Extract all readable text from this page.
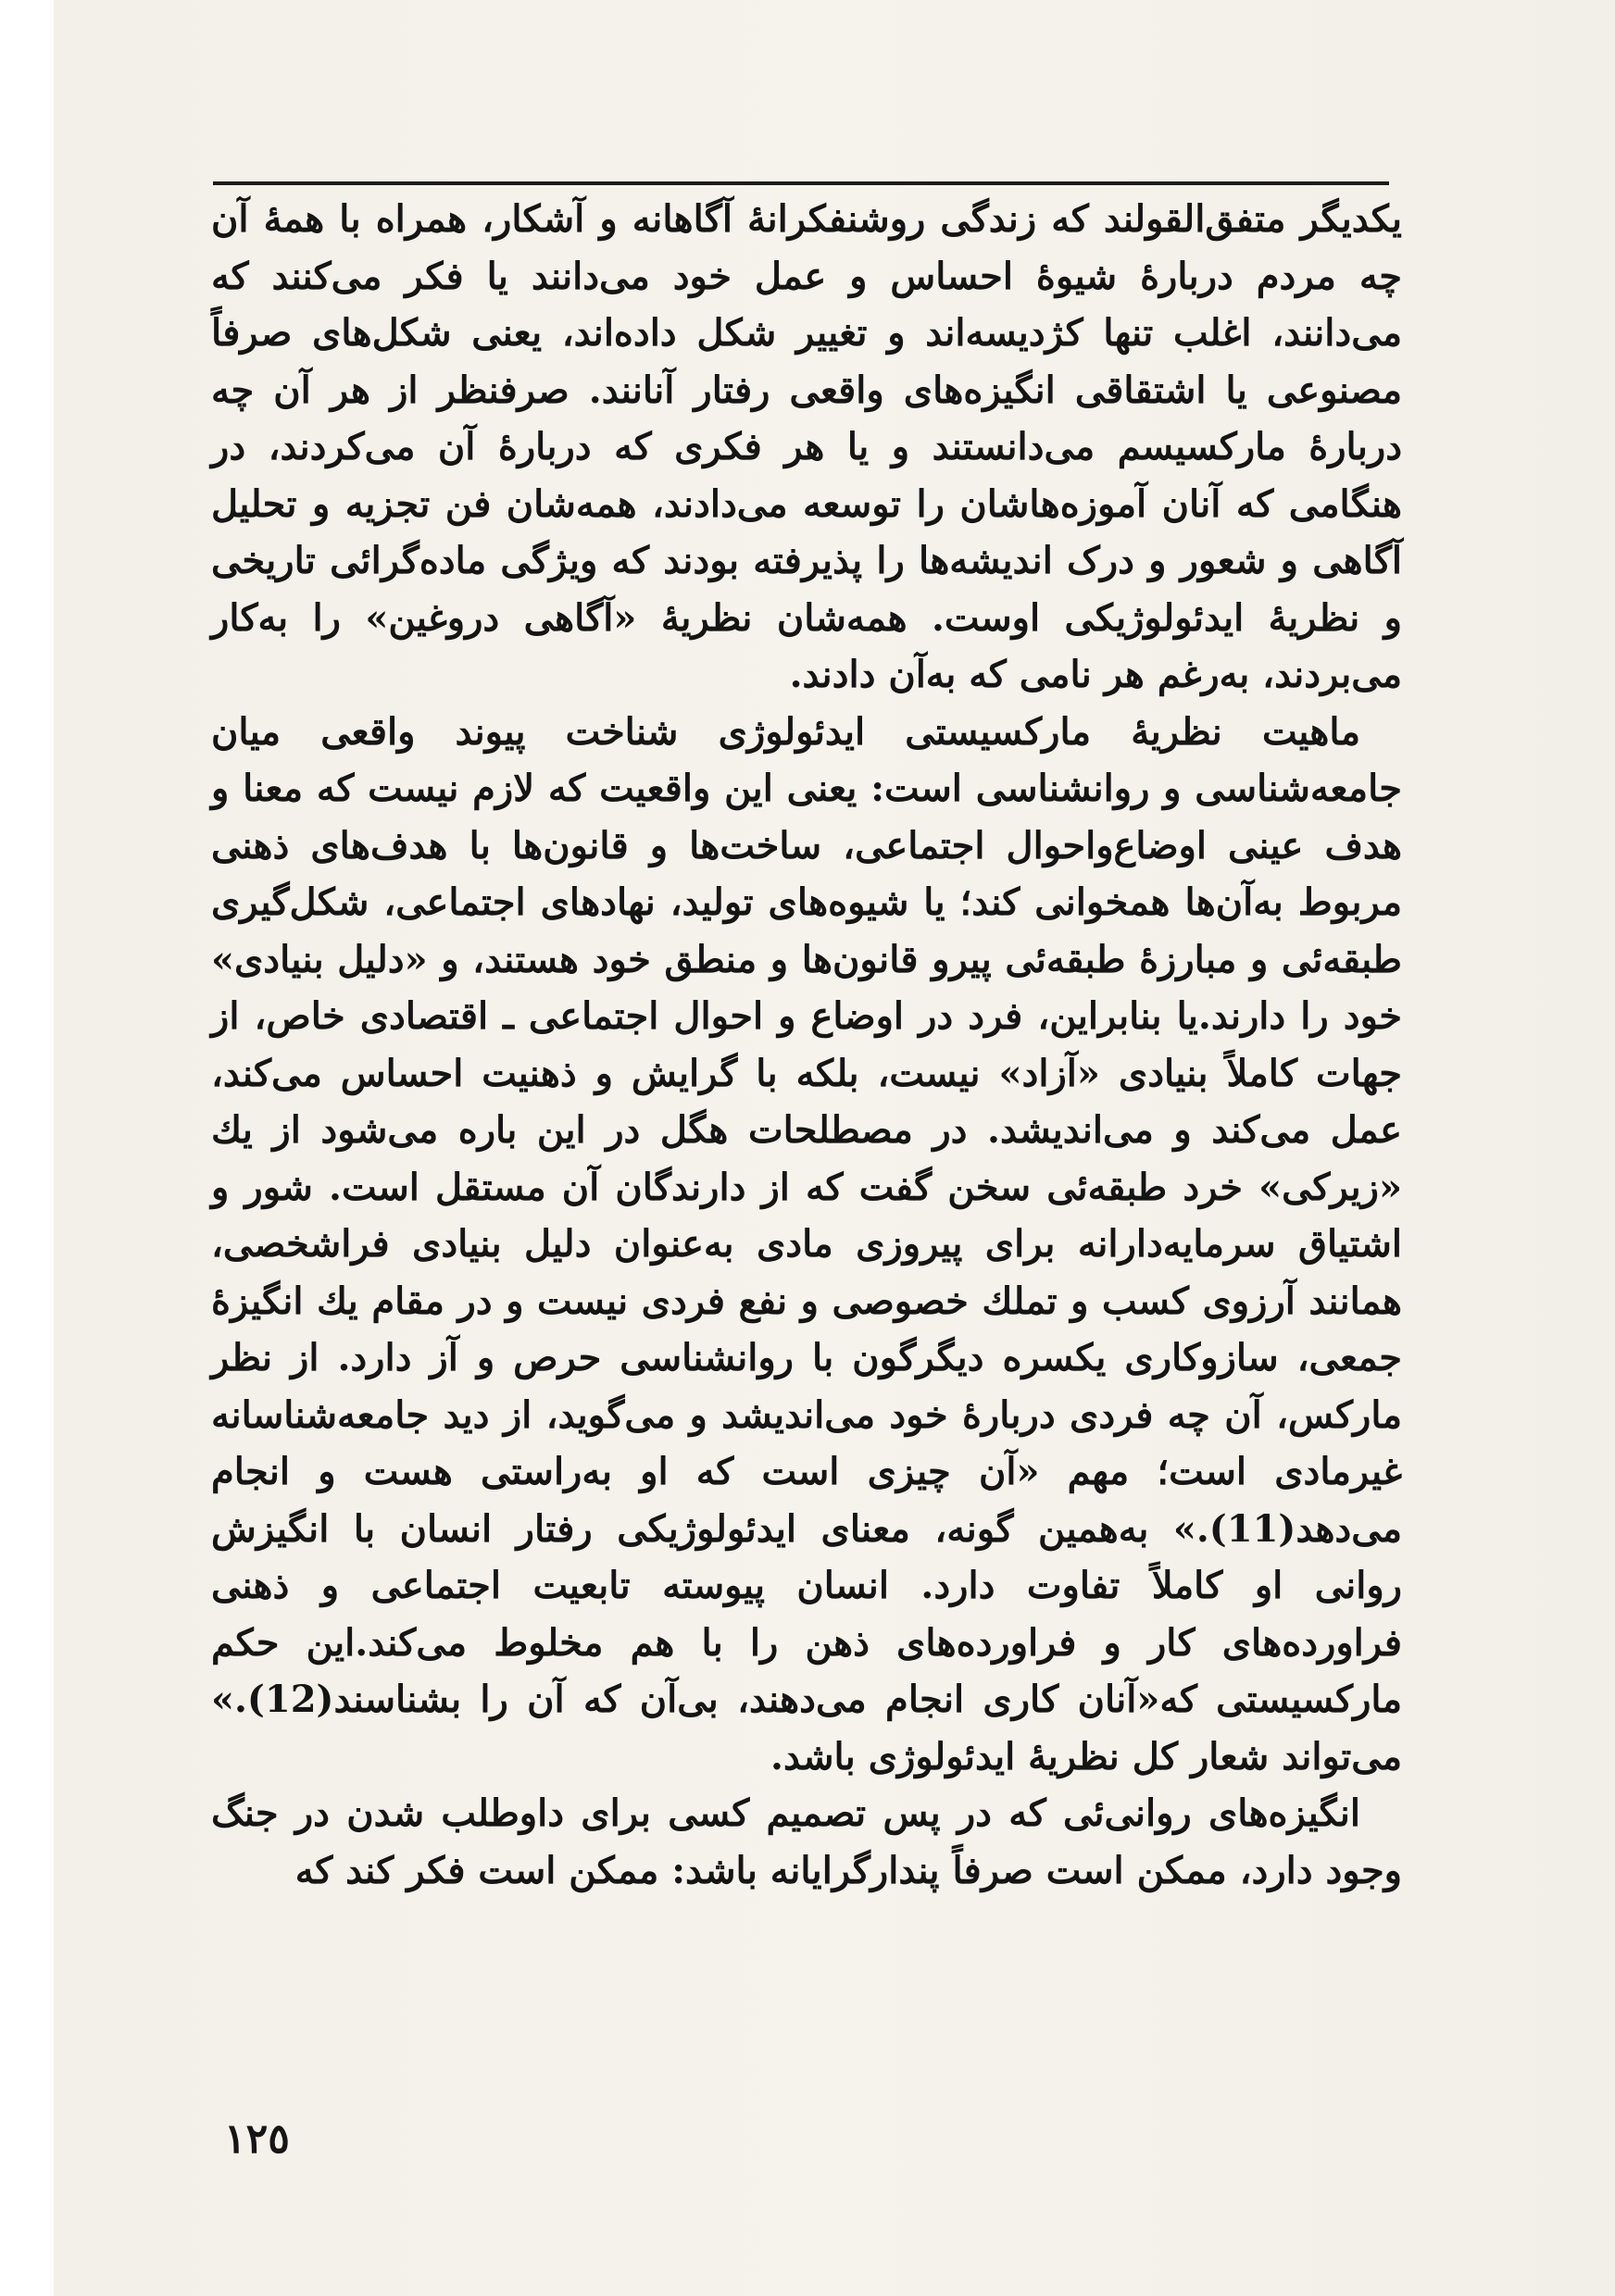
یکدیگر متفق‌القولند که زندگی روشنفکرانهٔ آگاهانه و آشکار، همراه با همهٔ آن چه مردم دربارهٔ شیوهٔ احساس و عمل خود می‌دانند یا فکر می‌کنند که می‌دانند، اغلب تنها کژدیسه‌اند و تغییر شکل داده‌اند، یعنی شکل‌های صرفاً مصنوعی یا اشتقاقی انگیزه‌های واقعی رفتار آنانند. صرفنظر از هر آن چه دربارهٔ مارکسیسم می‌دانستند و یا هر فکری که دربارهٔ آن می‌کردند، در هنگامی که آنان آموزه‌هاشان را توسعه می‌دادند، همه‌شان فن تجزیه و تحلیل آگاهی و شعور و درک اندیشه‌ها را پذیرفته بودند که ویژگی ماده‌گرائی تاریخی و نظریهٔ ایدئولوژیکی اوست. همه‌شان نظریهٔ «آگاهی دروغین» را به‌کار می‌بردند، به‌رغم هر نامی که به‌آن دادند.

ماهیت نظریهٔ مارکسیستی ایدئولوژی شناخت پیوند واقعی میان جامعه‌شناسی و روانشناسی است: یعنی این واقعیت که لازم نیست که معنا و هدف عینی اوضاع‌واحوال اجتماعی، ساخت‌ها و قانون‌ها با هدف‌های ذهنی مربوط به‌آن‌ها همخوانی کند؛ یا شیوه‌های تولید، نهادهای اجتماعی، شکل‌گیری طبقه‌ئی و مبارزهٔ طبقه‌ئی پیرو قانون‌ها و منطق خود هستند، و «دلیل بنیادی» خود را دارند.یا بنابراین، فرد در اوضاع و احوال اجتماعی ـ اقتصادی خاص، از جهات کاملاً بنیادی «آزاد» نیست، بلکه با گرایش و ذهنیت احساس می‌کند، عمل می‌کند و می‌اندیشد. در مصطلحات هگل در این باره می‌شود از یك «زیرکی» خرد طبقه‌ئی سخن گفت که از دارندگان آن مستقل است. شور و اشتیاق سرمایه‌دارانه برای پیروزی مادی به‌عنوان دلیل بنیادی فراشخصی، همانند آرزوی کسب و تملك خصوصی و نفع فردی نیست و در مقام یك انگیزهٔ جمعی، سازوکاری یکسره دیگرگون با روانشناسی حرص و آز دارد. از نظر مارکس، آن چه فردی دربارهٔ خود می‌اندیشد و می‌گوید، از دید جامعه‌شناسانه غیرمادی است؛ مهم «آن چیزی است که او به‌راستی هست و انجام می‌دهد(11).» به‌همین گونه، معنای ایدئولوژیکی رفتار انسان با انگیزش روانی او کاملاً تفاوت دارد. انسان پیوسته تابعیت اجتماعی و ذهنی فراورده‌های کار و فراورده‌های ذهن را با هم مخلوط می‌کند.این حکم مارکسیستی که«آنان کاری انجام می‌دهند، بی‌آن که آن را بشناسند(12).» می‌تواند شعار کل نظریهٔ ایدئولوژی باشد.

انگیزه‌های روانی‌ئی که در پس تصمیم کسی برای داوطلب شدن در جنگ وجود دارد، ممکن است صرفاً پندارگرایانه باشد: ممکن است فکر کند که

١٢٥
